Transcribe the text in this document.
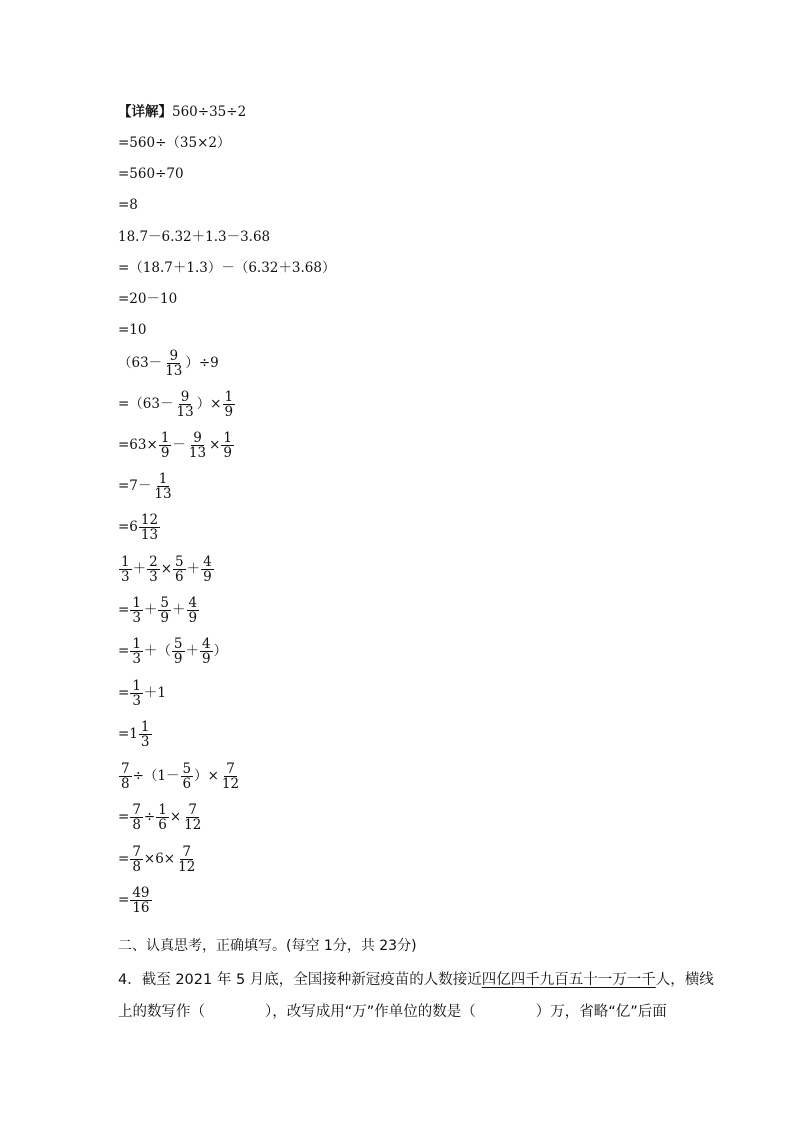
【详解】 560÷35÷2
=560÷（35×2）
=560÷70
=8
18.7－6.32＋1.3－3.68
=（18.7＋1.3）－（6.32＋3.68）
=20－10
=10
$(63- \frac{9}{13} )\div 9$
$=(63- \frac{9}{13}$ ）× $\frac{1}{9}$
$=63\times \frac{1}{9} - \frac{9}{13} \times \frac{1}{9}$
$=7- \frac{1}{13}$
$=6 \frac{12}{13}$
$\frac{1}{3} + \frac{2}{3} \times \frac{5}{6} + \frac{4}{9}$
= $\frac{1}{3} + \frac{5}{9} + \frac{4}{9}$
= $\frac{1}{3}$ ＋（ $\frac{5}{9} + \frac{4}{9}$ ）
= $\frac{1}{3} +1$
$=1 \frac{1}{3}$
$\frac{7}{8} \div(1- \frac{5}{6}$ ）× $\frac{7}{12}$
= $\frac{7}{8} \div \frac{1}{6} \times \frac{7}{12}$
= $\frac{7}{8} \times 6\times \frac{7}{12}$
= $\frac{49}{16}$
二、认真思考，正确填写。(每空 1分，共 23分)
4．截至 2021 年 5 月底，全国接种新冠疫苗的人数接近四亿四千九百五十一万一千人，横线
上的数写作（	），改写成用“万”作单位的数是（	）万，省略“亿”后面
